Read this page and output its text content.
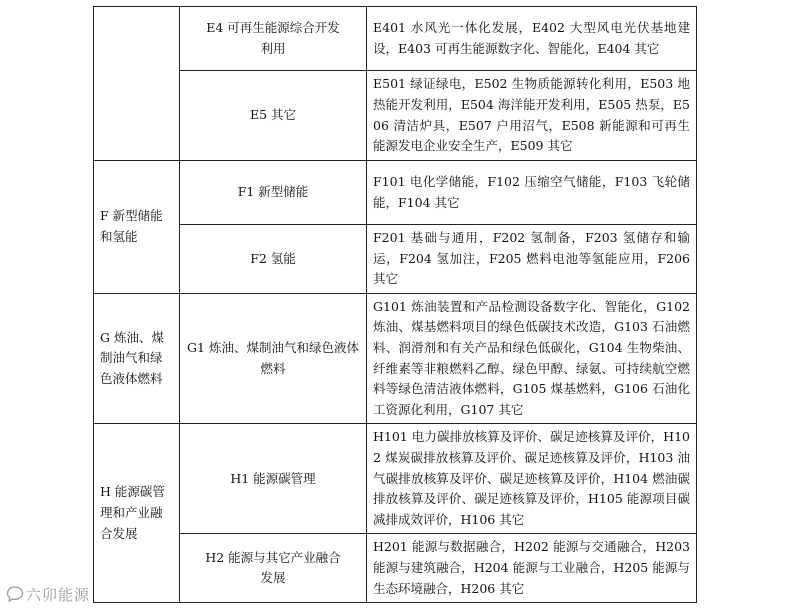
	E4 可再生能源综合开发利用	E401 水风光一体化发展，E402 大型风电光伏基地建设，E403 可再生能源数字化、智能化，E404 其它
	E5 其它	E501 绿证绿电，E502 生物质能源转化利用，E503 地热能开发利用，E504 海洋能开发利用，E505 热泵，E506 清洁炉具，E507 户用沼气，E508 新能源和可再生能源发电企业安全生产，E509 其它
F 新型储能和氢能	F1 新型储能	F101 电化学储能，F102 压缩空气储能，F103 飞轮储能，F104 其它
	F2 氢能	F201 基础与通用，F202 氢制备，F203 氢储存和输运，F204 氢加注，F205 燃料电池等氢能应用，F206 其它
G 炼油、煤制油气和绿色液体燃料	G1 炼油、煤制油气和绿色液体燃料	G101 炼油装置和产品检测设备数字化、智能化，G102 炼油、煤基燃料项目的绿色低碳技术改造，G103 石油燃料、润滑剂和有关产品和绿色低碳化，G104 生物柴油、纤维素等非粮燃料乙醇、绿色甲醇、绿氨、可持续航空燃料等绿色清洁液体燃料，G105 煤基燃料，G106 石油化工资源化利用，G107 其它
H 能源碳管理和产业融合发展	H1 能源碳管理	H101 电力碳排放核算及评价、碳足迹核算及评价，H102 煤炭碳排放核算及评价、碳足迹核算及评价，H103 油气碳排放核算及评价、碳足迹核算及评价，H104 燃油碳排放核算及评价、碳足迹核算及评价，H105 能源项目碳减排成效评价，H106 其它
	H2 能源与其它产业融合发展	H201 能源与数据融合，H202 能源与交通融合，H203 能源与建筑融合，H204 能源与工业融合，H205 能源与生态环境融合，H206 其它
六卯能源
